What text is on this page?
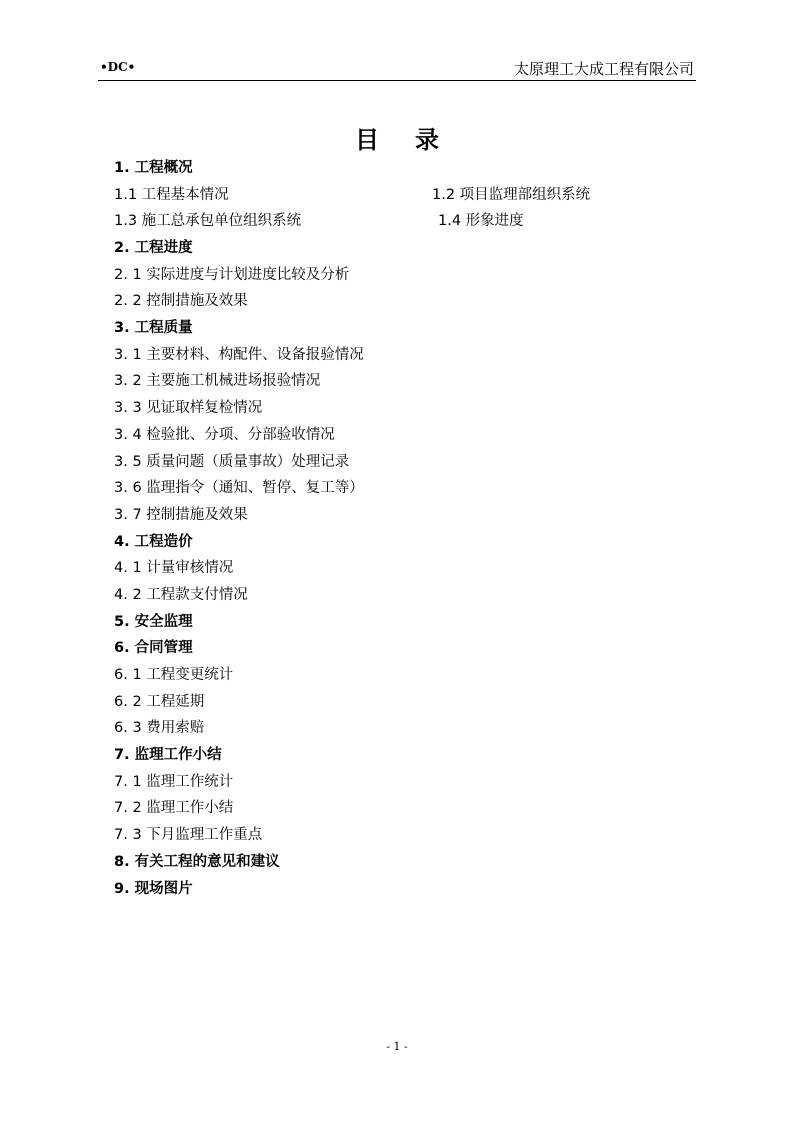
•DC•	太原理工大成工程有限公司
目录
1. 工程概况
1.1 工程基本情况	1.2 项目监理部组织系统
1.3 施工总承包单位组织系统	1.4 形象进度
2. 工程进度
2. 1 实际进度与计划进度比较及分析
2. 2 控制措施及效果
3. 工程质量
3. 1 主要材料、构配件、设备报验情况
3. 2 主要施工机械进场报验情况
3. 3 见证取样复检情况
3. 4 检验批、分项、分部验收情况
3. 5 质量问题（质量事故）处理记录
3. 6 监理指令（通知、暂停、复工等）
3. 7 控制措施及效果
4. 工程造价
4. 1 计量审核情况
4. 2 工程款支付情况
5. 安全监理
6. 合同管理
6. 1 工程变更统计
6. 2 工程延期
6. 3 费用索赔
7. 监理工作小结
7. 1 监理工作统计
7. 2 监理工作小结
7. 3 下月监理工作重点
8. 有关工程的意见和建议
9. 现场图片
- 1 -
